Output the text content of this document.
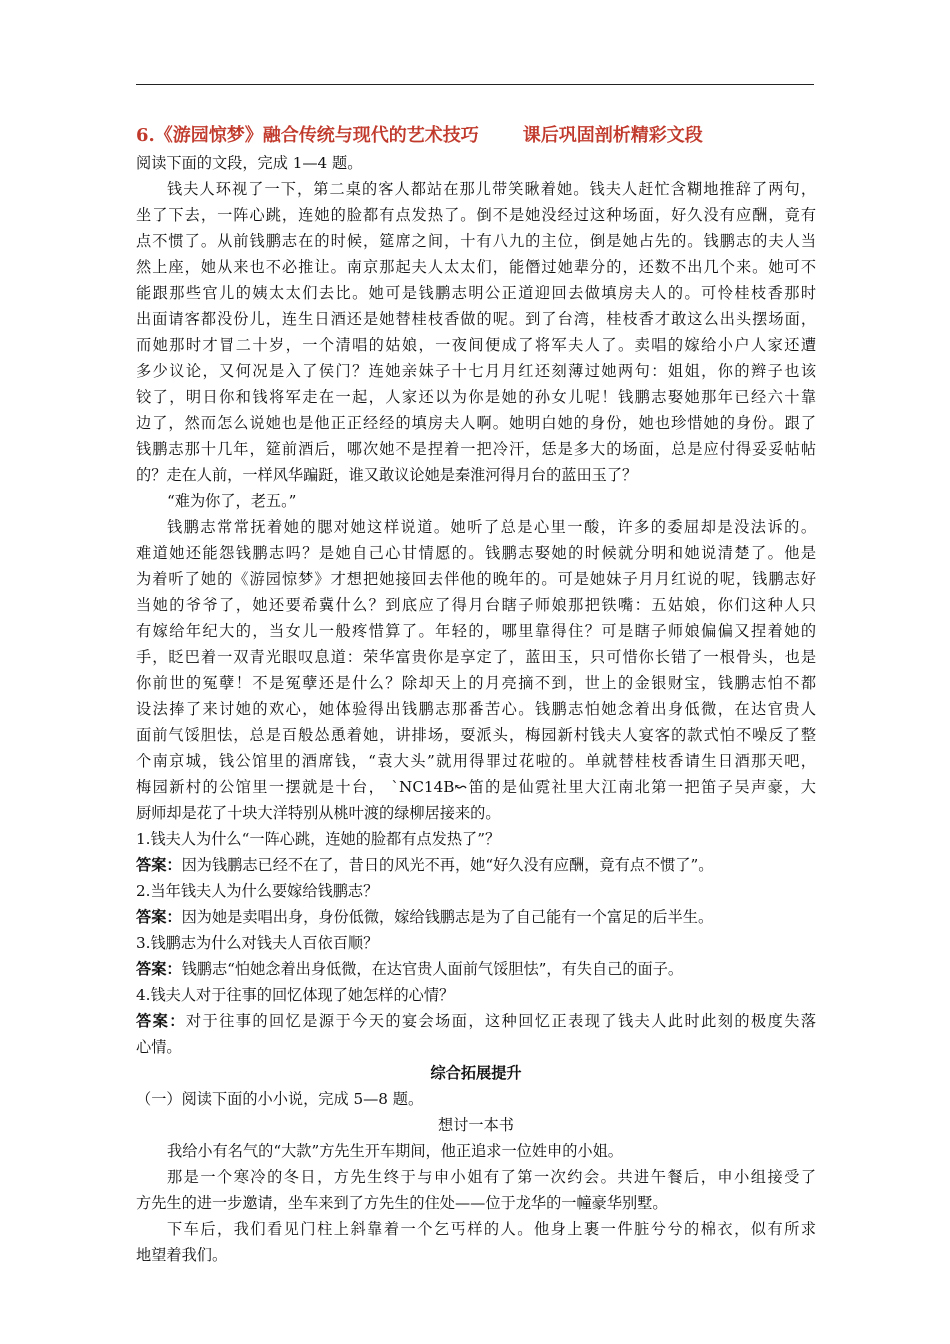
6.《游园惊梦》融合传统与现代的艺术技巧 课后巩固剖析精彩文段
阅读下面的文段，完成 1—4 题。
钱夫人环视了一下，第二桌的客人都站在那儿带笑瞅着她。钱夫人赶忙含糊地推辞了两句，
坐了下去，一阵心跳，连她的脸都有点发热了。倒不是她没经过这种场面，好久没有应酬，竟有
点不惯了。从前钱鹏志在的时候，筵席之间，十有八九的主位，倒是她占先的。钱鹏志的夫人当
然上座，她从来也不必推让。南京那起夫人太太们，能僭过她辈分的，还数不出几个来。她可不
能跟那些官儿的姨太太们去比。她可是钱鹏志明公正道迎回去做填房夫人的。可怜桂枝香那时
出面请客都没份儿，连生日酒还是她替桂枝香做的呢。到了台湾，桂枝香才敢这么出头摆场面，
而她那时才冒二十岁，一个清唱的姑娘，一夜间便成了将军夫人了。卖唱的嫁给小户人家还遭
多少议论，又何况是入了侯门？连她亲妹子十七月月红还刻薄过她两句：姐姐，你的辫子也该
铰了，明日你和钱将军走在一起，人家还以为你是她的孙女儿呢！钱鹏志娶她那年已经六十靠
边了，然而怎么说她也是他正正经经的填房夫人啊。她明白她的身份，她也珍惜她的身份。跟了
钱鹏志那十几年，筵前酒后，哪次她不是捏着一把冷汗，恁是多大的场面，总是应付得妥妥帖帖
的？走在人前，一样风华蹁跹，谁又敢议论她是秦淮河得月台的蓝田玉了？
“难为你了，老五。”
钱鹏志常常抚着她的腮对她这样说道。她听了总是心里一酸，许多的委屈却是没法诉的。
难道她还能怨钱鹏志吗？是她自己心甘情愿的。钱鹏志娶她的时候就分明和她说清楚了。他是
为着听了她的《游园惊梦》才想把她接回去伴他的晚年的。可是她妹子月月红说的呢，钱鹏志好
当她的爷爷了，她还要希冀什么？到底应了得月台瞎子师娘那把铁嘴：五姑娘，你们这种人只
有嫁给年纪大的，当女儿一般疼惜算了。年轻的，哪里靠得住？可是瞎子师娘偏偏又捏着她的
手，眨巴着一双青光眼叹息道：荣华富贵你是享定了，蓝田玉，只可惜你长错了一根骨头，也是
你前世的冤孽！不是冤孽还是什么？除却天上的月亮摘不到，世上的金银财宝，钱鹏志怕不都
设法捧了来讨她的欢心，她体验得出钱鹏志那番苦心。钱鹏志怕她念着出身低微，在达官贵人
面前气馁胆怯，总是百般怂恿着她，讲排场，耍派头，梅园新村钱夫人宴客的款式怕不噪反了整
个南京城，钱公馆里的酒席钱，“袁大头”就用得罪过花啦的。单就替桂枝香请生日酒那天吧，
梅园新村的公馆里一摆就是十台， `NC14B↜笛的是仙霓社里大江南北第一把笛子吴声豪，大
厨师却是花了十块大洋特别从桃叶渡的绿柳居接来的。
1.钱夫人为什么“一阵心跳，连她的脸都有点发热了”？
答案：因为钱鹏志已经不在了，昔日的风光不再，她“好久没有应酬，竟有点不惯了”。
2.当年钱夫人为什么要嫁给钱鹏志？
答案：因为她是卖唱出身，身份低微，嫁给钱鹏志是为了自己能有一个富足的后半生。
3.钱鹏志为什么对钱夫人百依百顺？
答案：钱鹏志“怕她念着出身低微，在达官贵人面前气馁胆怯”，有失自己的面子。
4.钱夫人对于往事的回忆体现了她怎样的心情？
答案：对于往事的回忆是源于今天的宴会场面，这种回忆正表现了钱夫人此时此刻的极度失落
心情。
综合拓展提升
（一）阅读下面的小小说，完成 5—8 题。
想讨一本书
我给小有名气的“大款”方先生开车期间，他正追求一位姓申的小姐。
那是一个寒冷的冬日，方先生终于与申小姐有了第一次约会。共进午餐后，申小组接受了
方先生的进一步邀请，坐车来到了方先生的住处——位于龙华的一幢豪华别墅。
下车后，我们看见门柱上斜靠着一个乞丐样的人。他身上裹一件脏兮兮的棉衣，似有所求
地望着我们。
